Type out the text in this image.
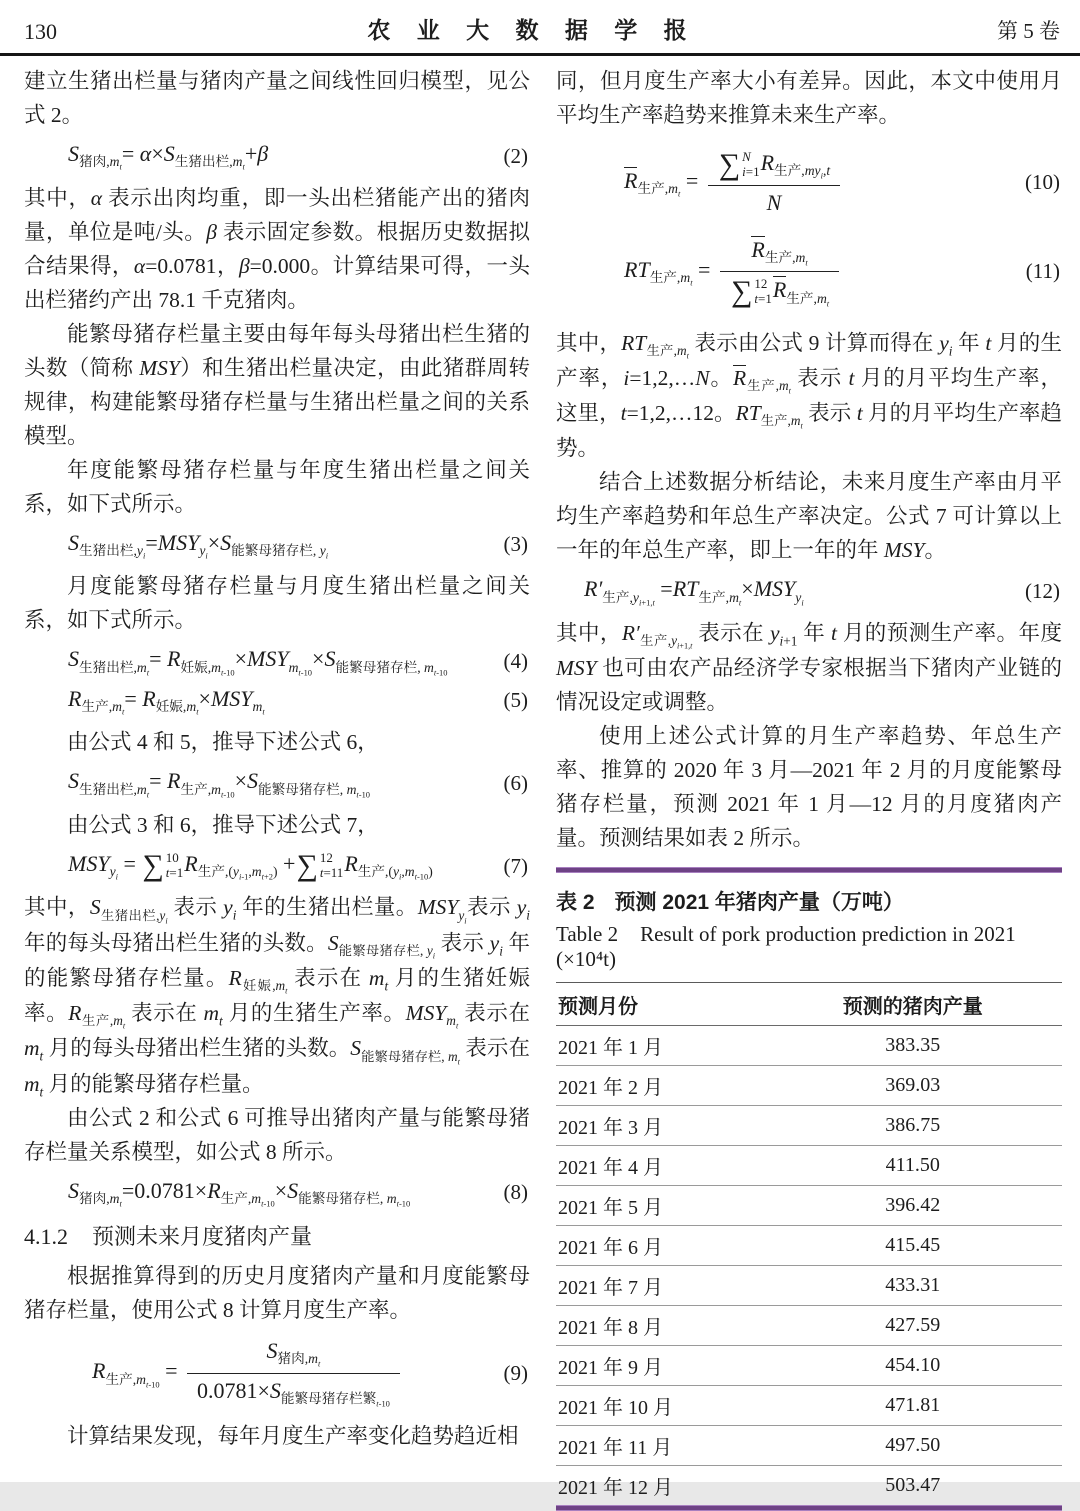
130	农 业 大 数 据 学 报	第 5 卷

建立生猪出栏量与猪肉产量之间线性回归模型，见公式 2。

$S_{猪肉,m_t}= \alpha\times S_{生猪出栏,m_t}+\beta$	(2)

其中，α 表示出肉均重，即一头出栏猪能产出的猪肉量，单位是吨/头。β 表示固定参数。根据历史数据拟合结果得，α=0.0781，β=0.000。计算结果可得，一头出栏猪约产出 78.1 千克猪肉。

能繁母猪存栏量主要由每年每头母猪出栏生猪的头数（简称 MSY）和生猪出栏量决定，由此猪群周转规律，构建能繁母猪存栏量与生猪出栏量之间的关系模型。

年度能繁母猪存栏量与年度生猪出栏量之间关系，如下式所示。

$S_{生猪出栏,y_i}=MSY_{y_i}\times S_{能繁母猪存栏, y_i}$	(3)

月度能繁母猪存栏量与月度生猪出栏量之间关系，如下式所示。

$S_{生猪出栏,m_t}= R_{妊娠,m_{t-10}}\times MSY_{m_{t-10}}\times S_{能繁母猪存栏, m_{t-10}}$	(4)
$R_{生产,m_t}= R_{妊娠,m_t}\times MSY_{m_t}$	(5)

由公式 4 和 5，推导下述公式 6，

$S_{生猪出栏,m_t}= R_{生产,m_{t-10}}\times S_{能繁母猪存栏, m_{t-10}}$	(6)

由公式 3 和 6，推导下述公式 7，

$MSY_{y_i}$ = ∑ 10
t=1 $R_{生产,(y_{i-1},m_{t+2})}$ + ∑ 12
t=11 $R_{生产,(y_i,m_{t-10})}$	(7)

其中，$S_{生猪出栏,y_i}$ 表示 $y_i$ 年的生猪出栏量。$MSY_{y_i}$表示 $y_i$ 年的每头母猪出栏生猪的头数。$S_{能繁母猪存栏, y_i}$ 表示 $y_i$ 年的能繁母猪存栏量。$R_{妊娠,m_t}$ 表示在 $m_t$ 月的生猪妊娠率。$R_{生产,m_t}$ 表示在 $m_t$ 月的生猪生产率。$MSY_{m_t}$ 表示在 $m_t$ 月的每头母猪出栏生猪的头数。$S_{能繁母猪存栏, m_t}$ 表示在 $m_t$ 月的能繁母猪存栏量。

由公式 2 和公式 6 可推导出猪肉产量与能繁母猪存栏量关系模型，如公式 8 所示。

$S_{猪肉,m_t}=0.0781\times R_{生产,m_{t-10}}\times S_{能繁母猪存栏, m_{t-10}}$	(8)
4.1.2 预测未来月度猪肉产量

根据推算得到的历史月度猪肉产量和月度能繁母猪存栏量，使用公式 8 计算月度生产率。

$R_{生产,m_{t-10}} = \frac{S_{猪肉,m_t}}{0.0781\times S_{能繁母猪存栏繁_{t-10}}}$	(9)

计算结果发现，每年月度生产率变化趋势趋近相

同，但月度生产率大小有差异。因此，本文中使用月平均生产率趋势来推算未来生产率。

$R_{生产,m_t}$ = ∑ N
i=1 $R_{生产,my_i,t}$
N	(10)
$RT_{生产,m_t} = R_{生产,m_t}$
∑ 12
t=1 $R_{生产,m_t}$	(11)

其中，$RT_{生产,m_t}$ 表示由公式 9 计算而得在 $y_i$ 年 t 月的生产率，i=1,2,…N。$R_{生产,m_t}$ 表示 t 月的月平均生产率，这里，t=1,2,…12。$RT_{生产,m_t}$ 表示 t 月的月平均生产率趋势。

结合上述数据分析结论，未来月度生产率由月平均生产率趋势和年总生产率决定。公式 7 可计算以上一年的年总生产率，即上一年的年 MSY。

$R'_{生产,y_{i+1,t}} =RT_{生产,m_t}\times MSY_{y_i}$	(12)

其中，$R'_{生产,y_{i+1,t}}$ 表示在 $y_{i+1}$ 年 t 月的预测生产率。年度 MSY 也可由农产品经济学专家根据当下猪肉产业链的情况设定或调整。

使用上述公式计算的月生产率趋势、年总生产率、推算的 2020 年 3 月—2021 年 2 月的月度能繁母猪存栏量，预测 2021 年 1 月—12 月的月度猪肉产量。预测结果如表 2 所示。

表 2 预测 2021 年猪肉产量（万吨）
Table 2 Result of pork production prediction in 2021 (×10⁴t)
预测月份	预测的猪肉产量
2021 年 1 月	383.35
2021 年 2 月	369.03
2021 年 3 月	386.75
2021 年 4 月	411.50
2021 年 5 月	396.42
2021 年 6 月	415.45
2021 年 7 月	433.31
2021 年 8 月	427.59
2021 年 9 月	454.10
2021 年 10 月	471.81
2021 年 11 月	497.50
2021 年 12 月	503.47
